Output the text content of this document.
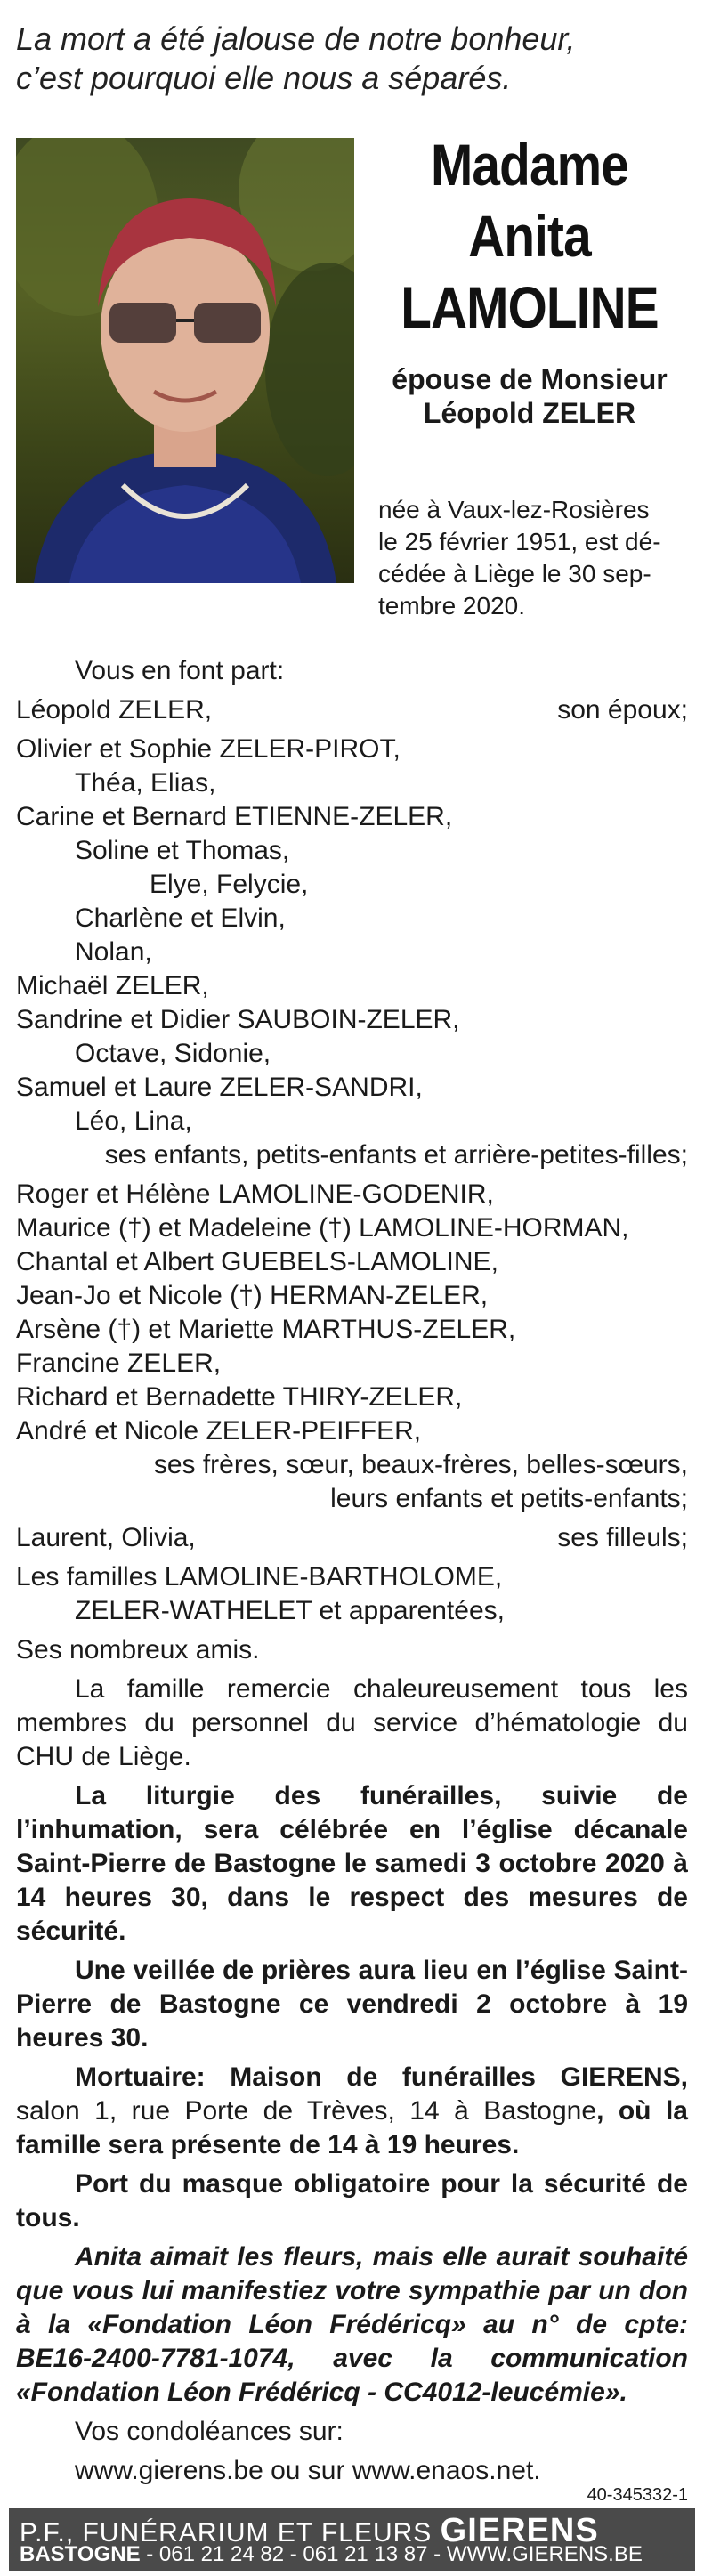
La mort a été jalouse de notre bonheur,
c’est pourquoi elle nous a séparés.
Madame
Anita
LAMOLINE
épouse de Monsieur
Léopold ZELER
née à Vaux-lez-Rosières
le 25 février 1951, est dé-
cédée à Liège le 30 sep-
tembre 2020.
Vous en font part:
Léopold ZELER,	son époux;
Olivier et Sophie ZELER-PIROT,
Théa, Elias,
Carine et Bernard ETIENNE-ZELER,
Soline et Thomas,
Elye, Felycie,
Charlène et Elvin,
Nolan,
Michaël ZELER,
Sandrine et Didier SAUBOIN-ZELER,
Octave, Sidonie,
Samuel et Laure ZELER-SANDRI,
Léo, Lina,
ses enfants, petits-enfants et arrière-petites-filles;
Roger et Hélène LAMOLINE-GODENIR,
Maurice (†) et Madeleine (†) LAMOLINE-HORMAN,
Chantal et Albert GUEBELS-LAMOLINE,
Jean-Jo et Nicole (†) HERMAN-ZELER,
Arsène (†) et Mariette MARTHUS-ZELER,
Francine ZELER,
Richard et Bernadette THIRY-ZELER,
André et Nicole ZELER-PEIFFER,
ses frères, sœur, beaux-frères, belles-sœurs,
leurs enfants et petits-enfants;
Laurent, Olivia,	ses filleuls;
Les familles LAMOLINE-BARTHOLOME,
ZELER-WATHELET et apparentées,
Ses nombreux amis.
La famille remercie chaleureusement tous les membres du personnel du service d’hématologie du CHU de Liège.
La liturgie des funérailles, suivie de l’inhumation, sera célébrée en l’église décanale Saint-Pierre de Bastogne le samedi 3 octobre 2020 à 14 heures 30, dans le respect des mesures de sécurité.
Une veillée de prières aura lieu en l’église Saint-Pierre de Bastogne ce vendredi 2 octobre à 19 heures 30.
Mortuaire: Maison de funérailles GIERENS, salon 1, rue Porte de Trèves, 14 à Bastogne, où la famille sera présente de 14 à 19 heures.
Port du masque obligatoire pour la sécurité de tous.
Anita aimait les fleurs, mais elle aurait souhaité que vous lui manifestiez votre sympathie par un don à la «Fondation Léon Frédéricq» au n° de cpte: BE16-2400-7781-1074, avec la communication «Fondation Léon Frédéricq - CC4012-leucémie».
Vos condoléances sur:
www.gierens.be ou sur www.enaos.net.
40-345332-1
P.F., FUNÉRARIUM ET FLEURS GIERENS
BASTOGNE - 061 21 24 82 - 061 21 13 87 - WWW.GIERENS.BE
